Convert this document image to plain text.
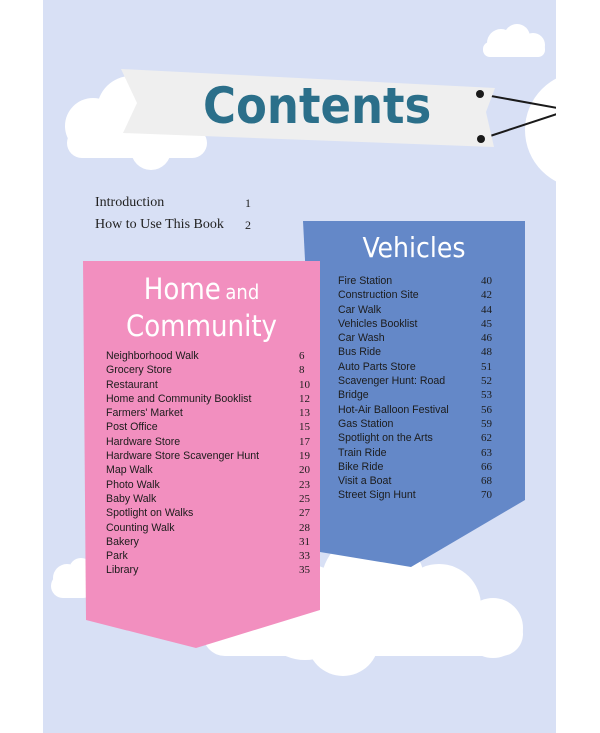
Contents
Introduction	1
How to Use This Book 2
Vehicles
Fire Station	40
Construction Site	42
Car Walk	44
Vehicles Booklist	45
Car Wash	46
Bus Ride	48
Auto Parts Store	51
Scavenger Hunt: Road	52
Bridge	53
Hot-Air Balloon Festival	56
Gas Station	59
Spotlight on the Arts	62
Train Ride	63
Bike Ride	66
Visit a Boat	68
Street Sign Hunt	70
Home and
Community
Neighborhood Walk	6
Grocery Store	8
Restaurant	10
Home and Community Booklist	12
Farmers' Market	13
Post Office	15
Hardware Store	17
Hardware Store Scavenger Hunt	19
Map Walk	20
Photo Walk	23
Baby Walk	25
Spotlight on Walks	27
Counting Walk	28
Bakery	31
Park	33
Library	35
